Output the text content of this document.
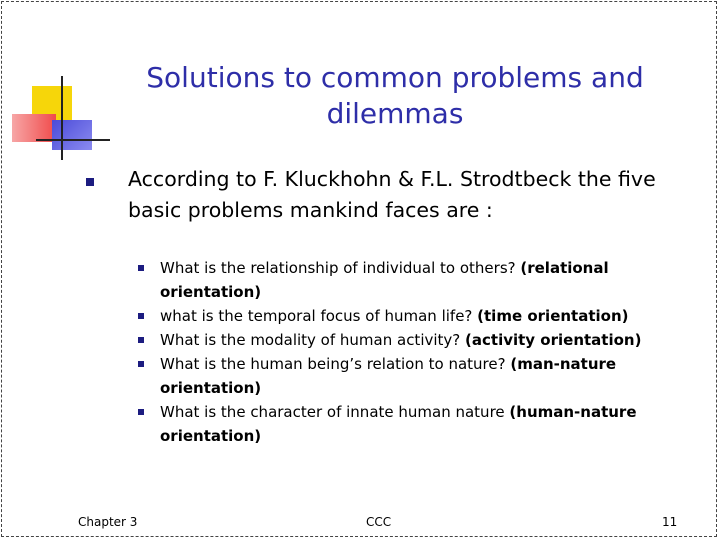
Solutions to common problems and dilemmas
According to F. Kluckhohn & F.L. Strodtbeck the five basic problems mankind faces are :
What is the relationship of individual to others? (relational orientation)
what is the temporal focus of human life? (time orientation)
What is the modality of human activity? (activity orientation)
What is the human being’s relation to nature? (man-nature orientation)
What is the character of innate human nature (human-nature orientation)
Chapter 3	CCC	11
